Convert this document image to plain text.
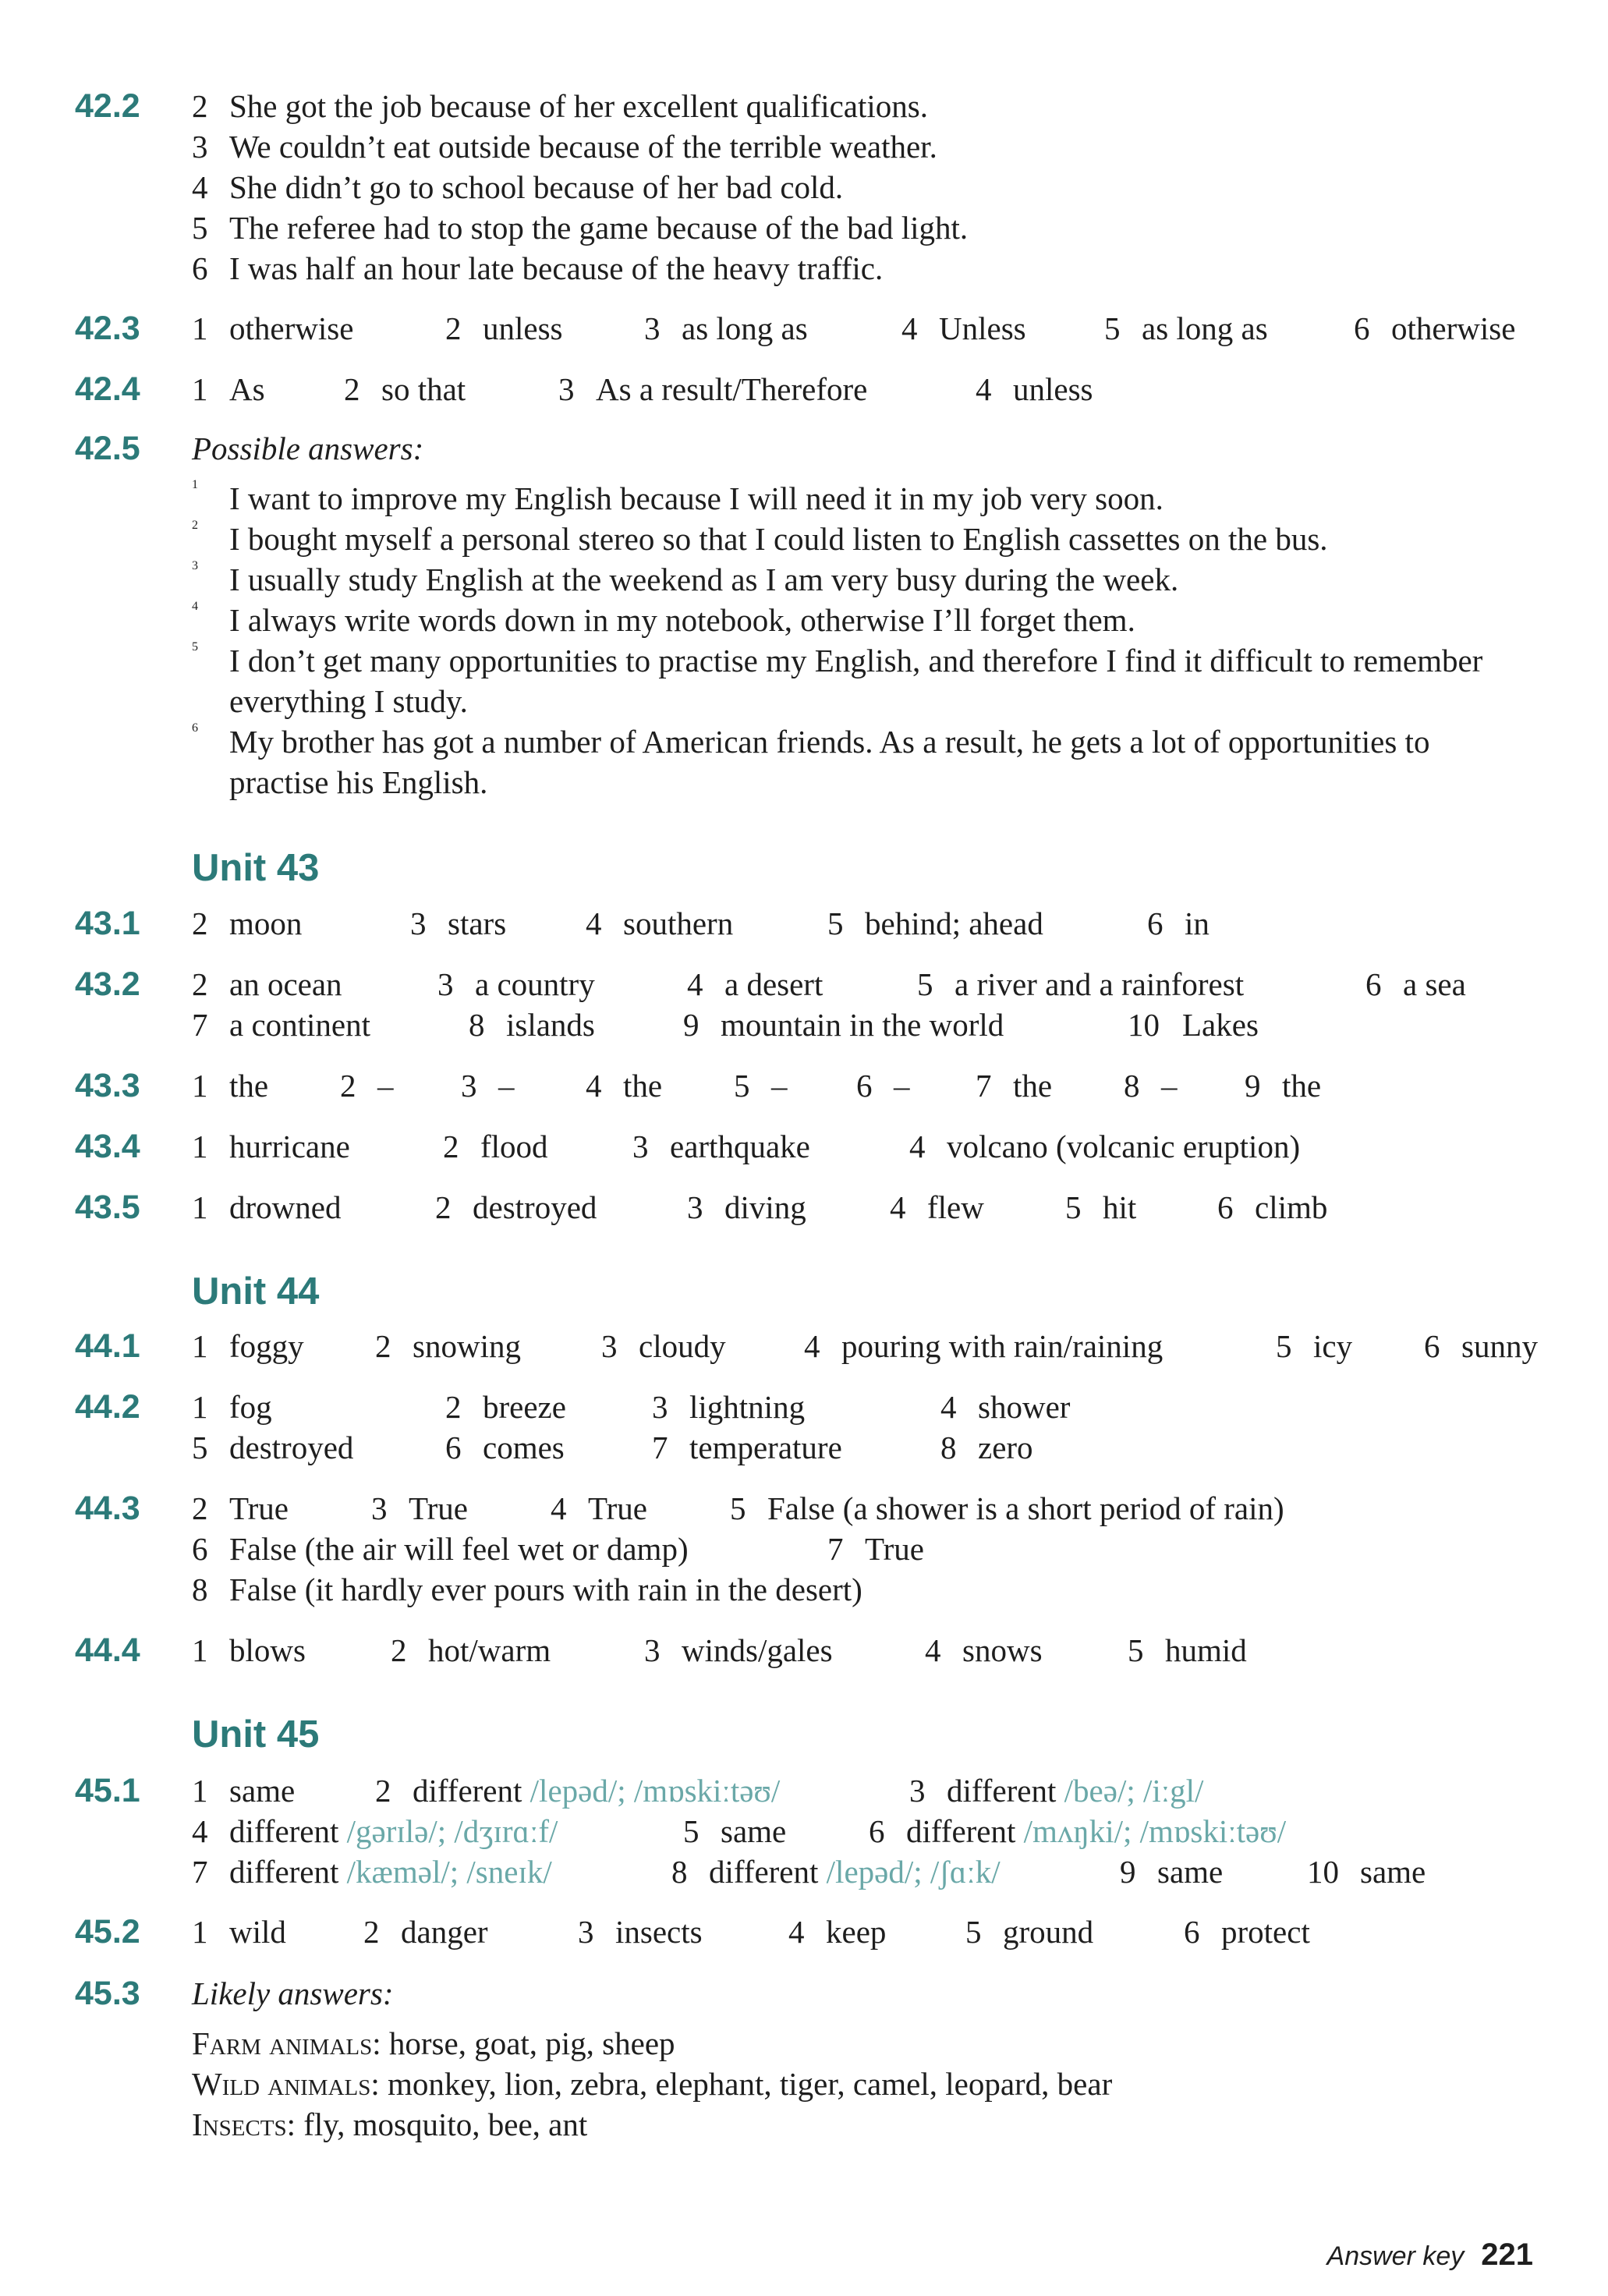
42.2 2 She got the job because of her excellent qualifications.
3 We couldn’t eat outside because of the terrible weather.
4 She didn’t go to school because of her bad cold.
5 The referee had to stop the game because of the bad light.
6 I was half an hour late because of the heavy traffic.
42.3 1 otherwise	2 unless	3 as long as	4 Unless 5 as long as	6 otherwise
42.4 1 As 2 so that	3 As a result/Therefore	4 unless
42.5 Possible answers:
1 I want to improve my English because I will need it in my job very soon.
2 I bought myself a personal stereo so that I could listen to English cassettes on the bus.
3 I usually study English at the weekend as I am very busy during the week.
4 I always write words down in my notebook, otherwise I’ll forget them.
5 I don’t get many opportunities to practise my English, and therefore I find it difficult to remember everything I study.
6 My brother has got a number of American friends. As a result, he gets a lot of opportunities to practise his English.
Unit 43
43.1 2 moon	3 stars 4 southern	5 behind; ahead	6 in
43.2 2 an ocean	3 a country	4 a desert	5 a river and a rainforest	6 a sea
7 a continent	8 islands	9 mountain in the world	10 Lakes
43.3 1 the 2 – 3 – 4 the 5 – 6 – 7 the 8 – 9 the
43.4 1 hurricane	2 flood	3 earthquake	4 volcano (volcanic eruption)
43.5 1 drowned	2 destroyed	3 diving	4 flew	5 hit	6 climb
Unit 44
44.1 1 foggy 2 snowing	3 cloudy 4 pouring with rain/raining	5 icy 6 sunny
44.2 1 fog	2 breeze	3 lightning	4 shower
5 destroyed	6 comes	7 temperature	8 zero
44.3 2 True	3 True	4 True	5 False (a shower is a short period of rain)
6 False (the air will feel wet or damp)	7 True
8 False (it hardly ever pours with rain in the desert)
44.4 1 blows	2 hot/warm	3 winds/gales	4 snows	5 humid
Unit 45
45.1 1 same	2 different /lepəd/; /mɒskiːtəʊ/	3 different /beə/; /iːgl/
4 different /gərɪlə/; /dʒɪrɑːf/	5 same	6 different /mʌŋki/; /mɒskiːtəʊ/
7 different /kæməl/; /sneɪk/	8 different /lepəd/; /ʃɑːk/	9 same	10 same
45.2 1 wild 2 danger	3 insects	4 keep 5 ground	6 protect
45.3 Likely answers:
Farm animals: horse, goat, pig, sheep
Wild animals: monkey, lion, zebra, elephant, tiger, camel, leopard, bear
Insects: fly, mosquito, bee, ant
Answer key 221
